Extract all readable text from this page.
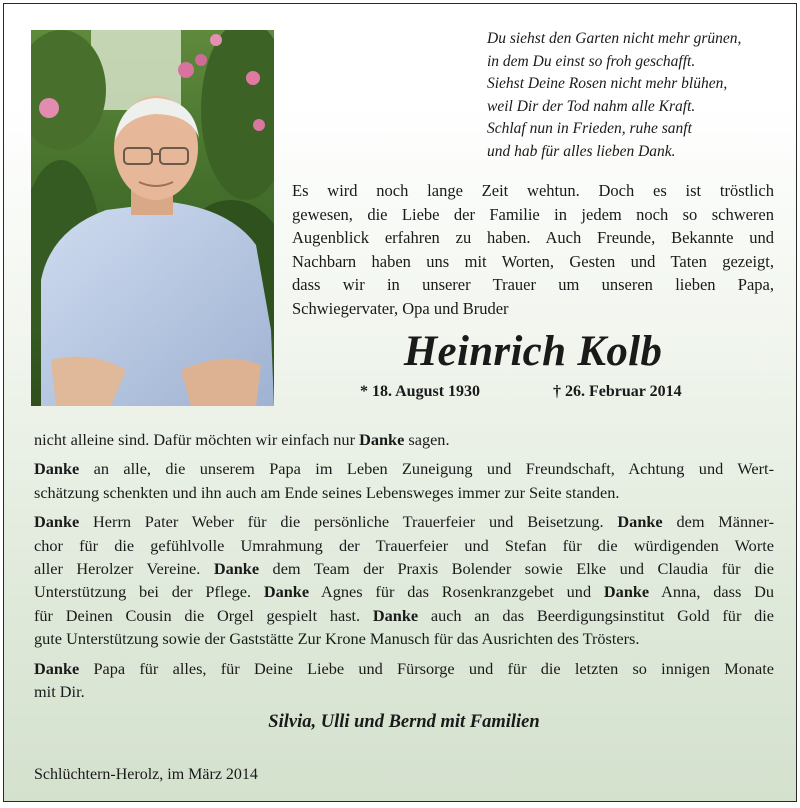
Du siehst den Garten nicht mehr grünen,
in dem Du einst so froh geschafft.
Siehst Deine Rosen nicht mehr blühen,
weil Dir der Tod nahm alle Kraft.
Schlaf nun in Frieden, ruhe sanft
und hab für alles lieben Dank.
Es wird noch lange Zeit wehtun. Doch es ist tröstlich
gewesen, die Liebe der Familie in jedem noch so schweren
Augenblick erfahren zu haben. Auch Freunde, Bekannte und
Nachbarn haben uns mit Worten, Gesten und Taten gezeigt,
dass wir in unserer Trauer um unseren lieben Papa,
Schwiegervater, Opa und Bruder
Heinrich Kolb
* 18. August 1930	† 26. Februar 2014

nicht alleine sind. Dafür möchten wir einfach nur Danke sagen.

Danke an alle, die unserem Papa im Leben Zuneigung und Freundschaft, Achtung und Wert-
schätzung schenkten und ihn auch am Ende seines Lebensweges immer zur Seite standen.

Danke Herrn Pater Weber für die persönliche Trauerfeier und Beisetzung. Danke dem Männer-
chor für die gefühlvolle Umrahmung der Trauerfeier und Stefan für die würdigenden Worte
aller Herolzer Vereine. Danke dem Team der Praxis Bolender sowie Elke und Claudia für die
Unterstützung bei der Pflege. Danke Agnes für das Rosenkranzgebet und Danke Anna, dass Du
für Deinen Cousin die Orgel gespielt hast. Danke auch an das Beerdigungsinstitut Gold für die
gute Unterstützung sowie der Gaststätte Zur Krone Manusch für das Ausrichten des Trösters.

Danke Papa für alles, für Deine Liebe und Fürsorge und für die letzten so innigen Monate
mit Dir.

Silvia, Ulli und Bernd mit Familien
Schlüchtern-Herolz, im März 2014
